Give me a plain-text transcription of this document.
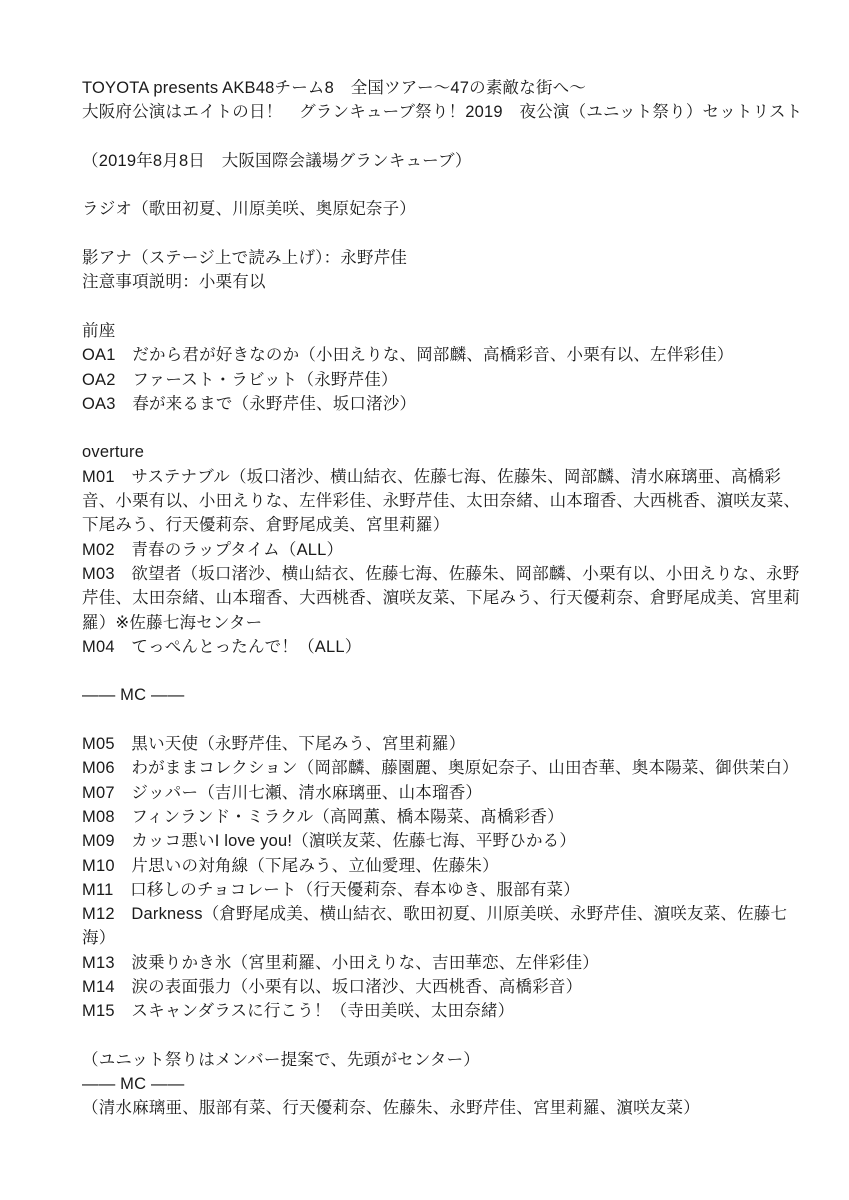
TOYOTA presents AKB48チーム8　全国ツアー～47の素敵な街へ～
大阪府公演はエイトの日！　グランキューブ祭り！2019　夜公演（ユニット祭り）セットリスト
（2019年8月8日　大阪国際会議場グランキューブ）
ラジオ（歌田初夏、川原美咲、奥原妃奈子）
影アナ（ステージ上で読み上げ）：永野芹佳
注意事項説明：小栗有以
前座
OA1　だから君が好きなのか（小田えりな、岡部麟、高橋彩音、小栗有以、左伴彩佳）
OA2　ファースト・ラビット（永野芹佳）
OA3　春が来るまで（永野芹佳、坂口渚沙）
overture
M01　サステナブル（坂口渚沙、横山結衣、佐藤七海、佐藤朱、岡部麟、清水麻璃亜、高橋彩音、小栗有以、小田えりな、左伴彩佳、永野芹佳、太田奈緒、山本瑠香、大西桃香、濵咲友菜、下尾みう、行天優莉奈、倉野尾成美、宮里莉羅）
M02　青春のラップタイム（ALL）
M03　欲望者（坂口渚沙、横山結衣、佐藤七海、佐藤朱、岡部麟、小栗有以、小田えりな、永野芹佳、太田奈緒、山本瑠香、大西桃香、濵咲友菜、下尾みう、行天優莉奈、倉野尾成美、宮里莉羅）※佐藤七海センター
M04　てっぺんとったんで！（ALL）
—— MC ——
M05　黒い天使（永野芹佳、下尾みう、宮里莉羅）
M06　わがままコレクション（岡部麟、藤園麗、奥原妃奈子、山田杏華、奥本陽菜、御供茉白）
M07　ジッパー（吉川七瀬、清水麻璃亜、山本瑠香）
M08　フィンランド・ミラクル（高岡薫、橋本陽菜、髙橋彩香）
M09　カッコ悪いI love you!（濵咲友菜、佐藤七海、平野ひかる）
M10　片思いの対角線（下尾みう、立仙愛理、佐藤朱）
M11　口移しのチョコレート（行天優莉奈、春本ゆき、服部有菜）
M12　Darkness（倉野尾成美、横山結衣、歌田初夏、川原美咲、永野芹佳、濵咲友菜、佐藤七海）
M13　波乗りかき氷（宮里莉羅、小田えりな、吉田華恋、左伴彩佳）
M14　涙の表面張力（小栗有以、坂口渚沙、大西桃香、高橋彩音）
M15　スキャンダラスに行こう！（寺田美咲、太田奈緒）
（ユニット祭りはメンバー提案で、先頭がセンター）
—— MC ——
（清水麻璃亜、服部有菜、行天優莉奈、佐藤朱、永野芹佳、宮里莉羅、濵咲友菜）
